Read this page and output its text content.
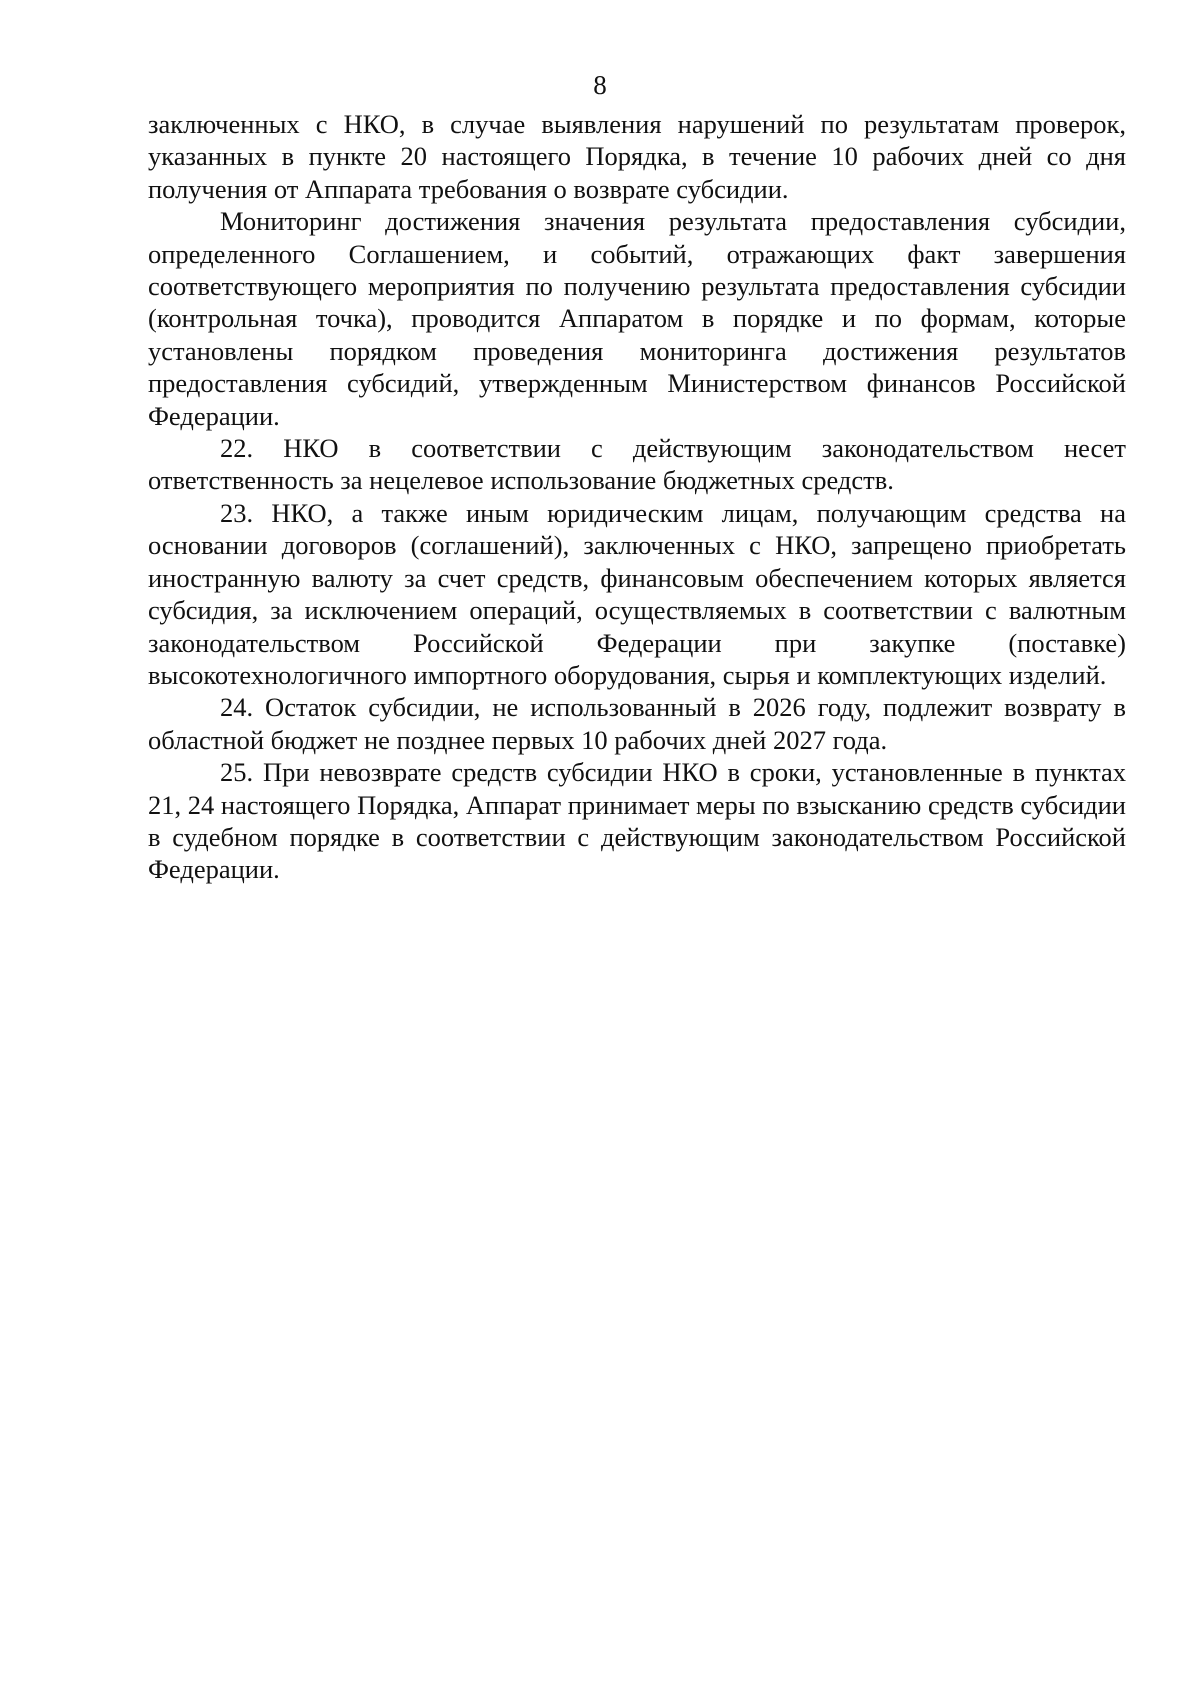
8

заключенных с НКО, в случае выявления нарушений по результатам проверок, указанных в пункте 20 настоящего Порядка, в течение 10 рабочих дней со дня получения от Аппарата требования о возврате субсидии.

Мониторинг достижения значения результата предоставления субсидии, определенного Соглашением, и событий, отражающих факт завершения соответствующего мероприятия по получению результата предоставления субсидии (контрольная точка), проводится Аппаратом в порядке и по формам, которые установлены порядком проведения мониторинга достижения результатов предоставления субсидий, утвержденным Министерством финансов Российской Федерации.

22. НКО в соответствии с действующим законодательством несет ответственность за нецелевое использование бюджетных средств.

23. НКО, а также иным юридическим лицам, получающим средства на основании договоров (соглашений), заключенных с НКО, запрещено приобретать иностранную валюту за счет средств, финансовым обеспечением которых является субсидия, за исключением операций, осуществляемых в соответствии с валютным законодательством Российской Федерации при закупке (поставке) высокотехнологичного импортного оборудования, сырья и комплектующих изделий.

24. Остаток субсидии, не использованный в 2026 году, подлежит возврату в областной бюджет не позднее первых 10 рабочих дней 2027 года.

25. При невозврате средств субсидии НКО в сроки, установленные в пунктах 21, 24 настоящего Порядка, Аппарат принимает меры по взысканию средств субсидии в судебном порядке в соответствии с действующим законодательством Российской Федерации.
